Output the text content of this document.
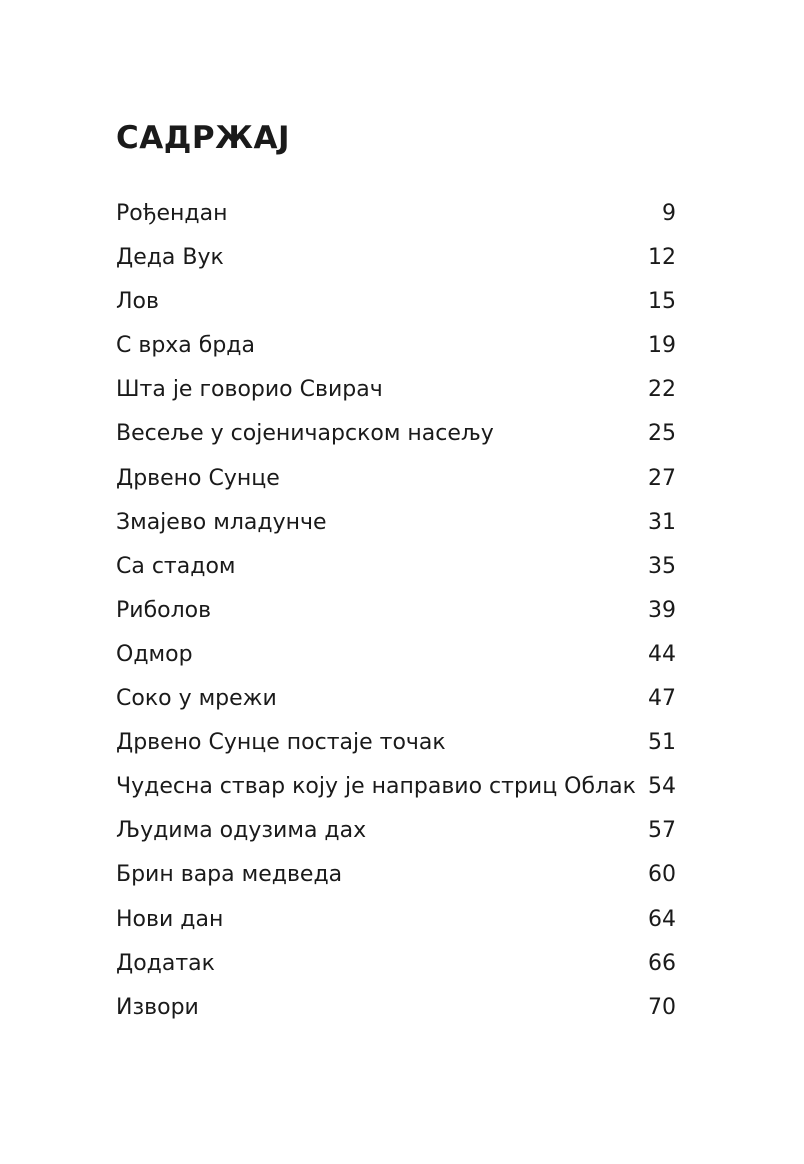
САДРЖАЈ
Рођендан	9
Деда Вук	12
Лов	15
С врха брда	19
Шта је говорио Свирач	22
Весеље у сојеничарском насељу	25
Дрвено Сунце	27
Змајево младунче	31
Са стадом	35
Риболов	39
Одмор	44
Соко у мрежи	47
Дрвено Сунце постаје точак	51
Чудесна ствар коју је направио стриц Облак 54
Људима одузима дах	57
Брин вара медведа	60
Нови дан	64
Додатак	66
Извори	70
